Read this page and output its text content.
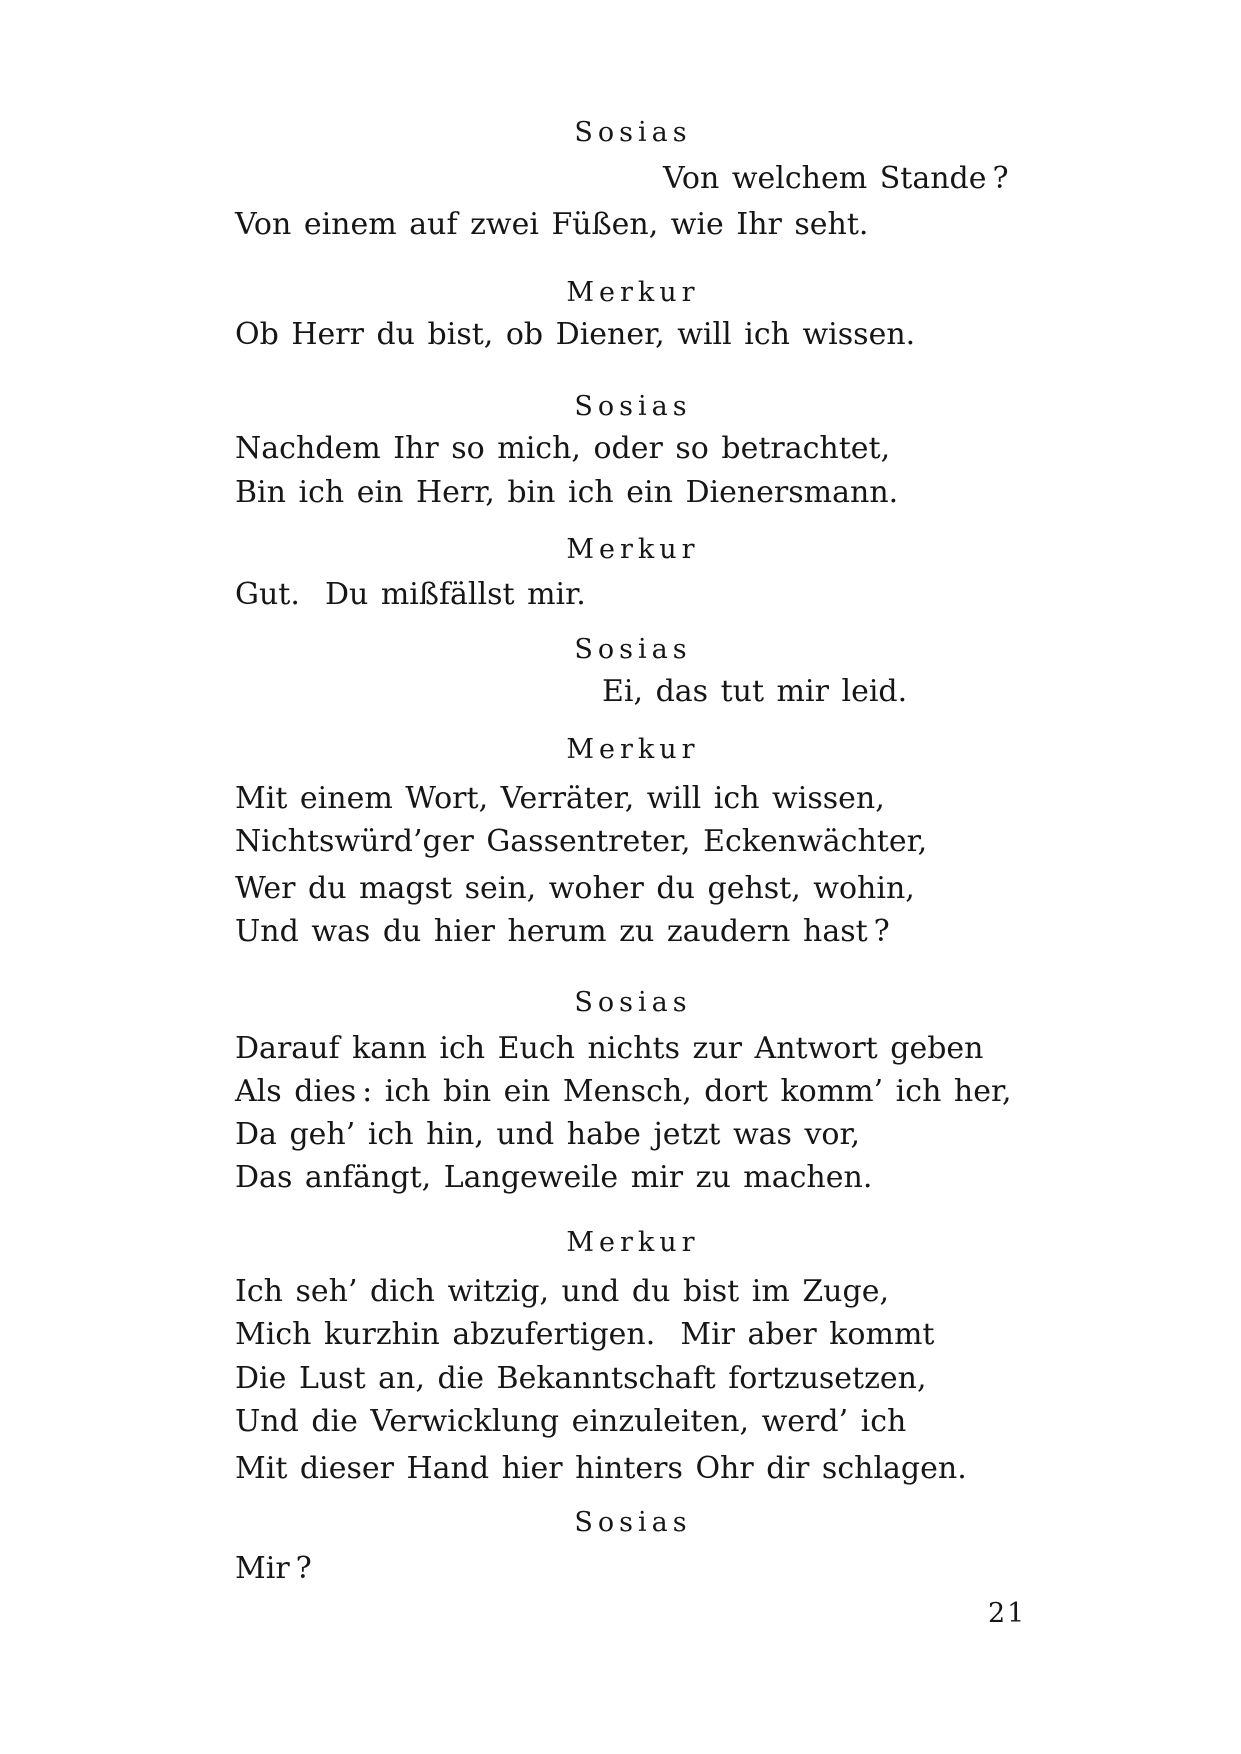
Sosias
Von welchem Stande ?
Von einem auf zwei Füßen, wie Ihr seht.
Merkur
Ob Herr du bist, ob Diener, will ich wissen.
Sosias
Nachdem Ihr so mich, oder so betrachtet,
Bin ich ein Herr, bin ich ein Dienersmann.
Merkur
Gut.  Du mißfällst mir.
Sosias
Ei, das tut mir leid.
Merkur
Mit einem Wort, Verräter, will ich wissen,
Nichtswürd’ger Gassentreter, Eckenwächter,
Wer du magst sein, woher du gehst, wohin,
Und was du hier herum zu zaudern hast ?
Sosias
Darauf kann ich Euch nichts zur Antwort geben
Als dies : ich bin ein Mensch, dort komm’ ich her,
Da geh’ ich hin, und habe jetzt was vor,
Das anfängt, Langeweile mir zu machen.
Merkur
Ich seh’ dich witzig, und du bist im Zuge,
Mich kurzhin abzufertigen.  Mir aber kommt
Die Lust an, die Bekanntschaft fortzusetzen,
Und die Verwicklung einzuleiten, werd’ ich
Mit dieser Hand hier hinters Ohr dir schlagen.
Sosias
Mir ?
21
